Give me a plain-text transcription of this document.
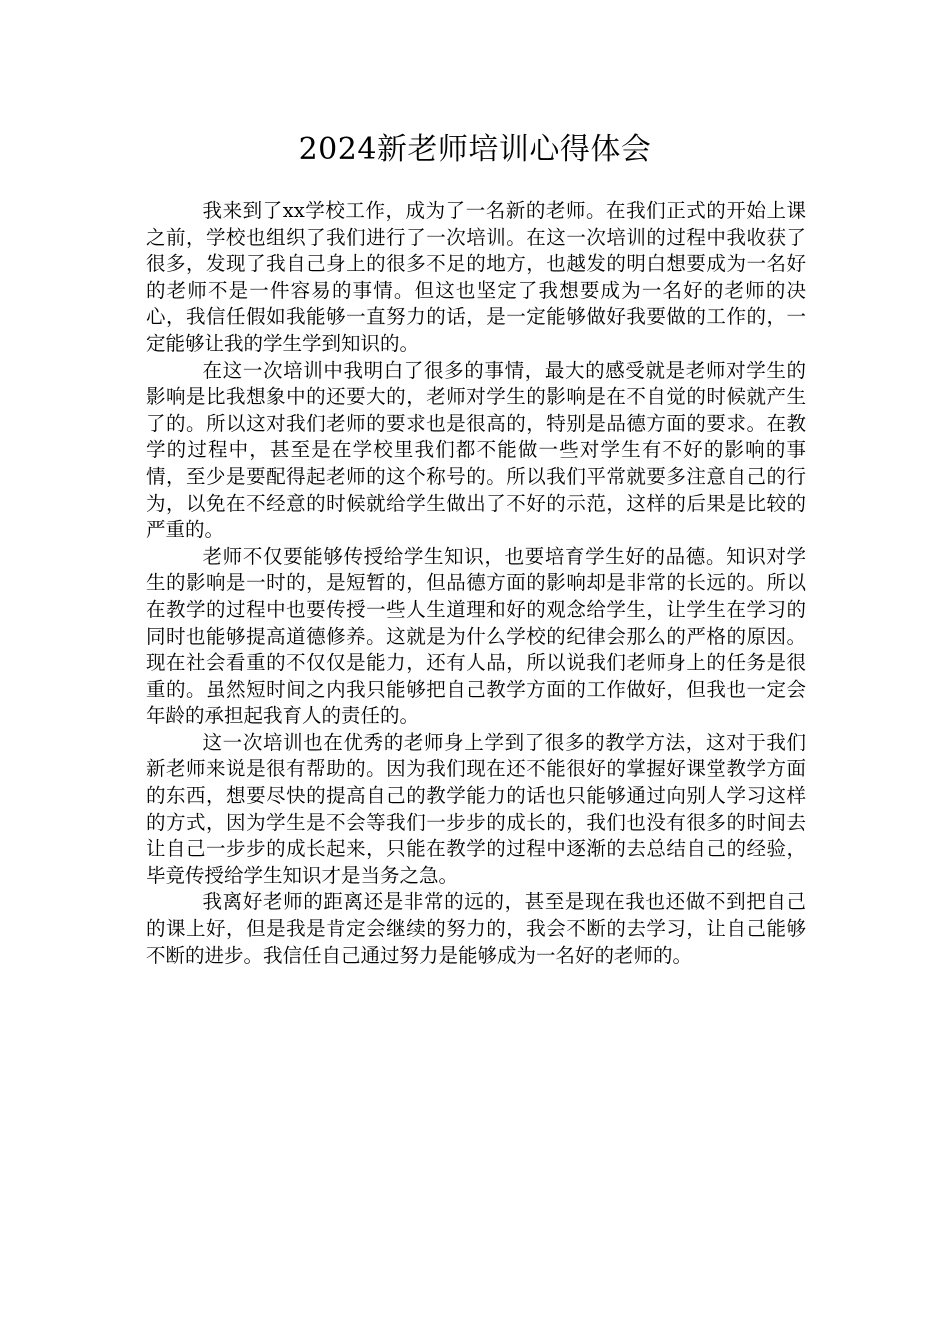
2024新老师培训心得体会

我来到了xx学校工作，成为了一名新的老师。在我们正式的开始上课之前，学校也组织了我们进行了一次培训。在这一次培训的过程中我收获了很多，发现了我自己身上的很多不足的地方，也越发的明白想要成为一名好的老师不是一件容易的事情。但这也坚定了我想要成为一名好的老师的决心，我信任假如我能够一直努力的话，是一定能够做好我要做的工作的，一定能够让我的学生学到知识的。

在这一次培训中我明白了很多的事情，最大的感受就是老师对学生的影响是比我想象中的还要大的，老师对学生的影响是在不自觉的时候就产生了的。所以这对我们老师的要求也是很高的，特别是品德方面的要求。在教学的过程中，甚至是在学校里我们都不能做一些对学生有不好的影响的事情，至少是要配得起老师的这个称号的。所以我们平常就要多注意自己的行为，以免在不经意的时候就给学生做出了不好的示范，这样的后果是比较的严重的。

老师不仅要能够传授给学生知识，也要培育学生好的品德。知识对学生的影响是一时的，是短暂的，但品德方面的影响却是非常的长远的。所以在教学的过程中也要传授一些人生道理和好的观念给学生，让学生在学习的同时也能够提高道德修养。这就是为什么学校的纪律会那么的严格的原因。现在社会看重的不仅仅是能力，还有人品，所以说我们老师身上的任务是很重的。虽然短时间之内我只能够把自己教学方面的工作做好，但我也一定会年龄的承担起我育人的责任的。

这一次培训也在优秀的老师身上学到了很多的教学方法，这对于我们新老师来说是很有帮助的。因为我们现在还不能很好的掌握好课堂教学方面的东西，想要尽快的提高自己的教学能力的话也只能够通过向别人学习这样的方式，因为学生是不会等我们一步步的成长的，我们也没有很多的时间去让自己一步步的成长起来，只能在教学的过程中逐渐的去总结自己的经验，毕竟传授给学生知识才是当务之急。

我离好老师的距离还是非常的远的，甚至是现在我也还做不到把自己的课上好，但是我是肯定会继续的努力的，我会不断的去学习，让自己能够不断的进步。我信任自己通过努力是能够成为一名好的老师的。
